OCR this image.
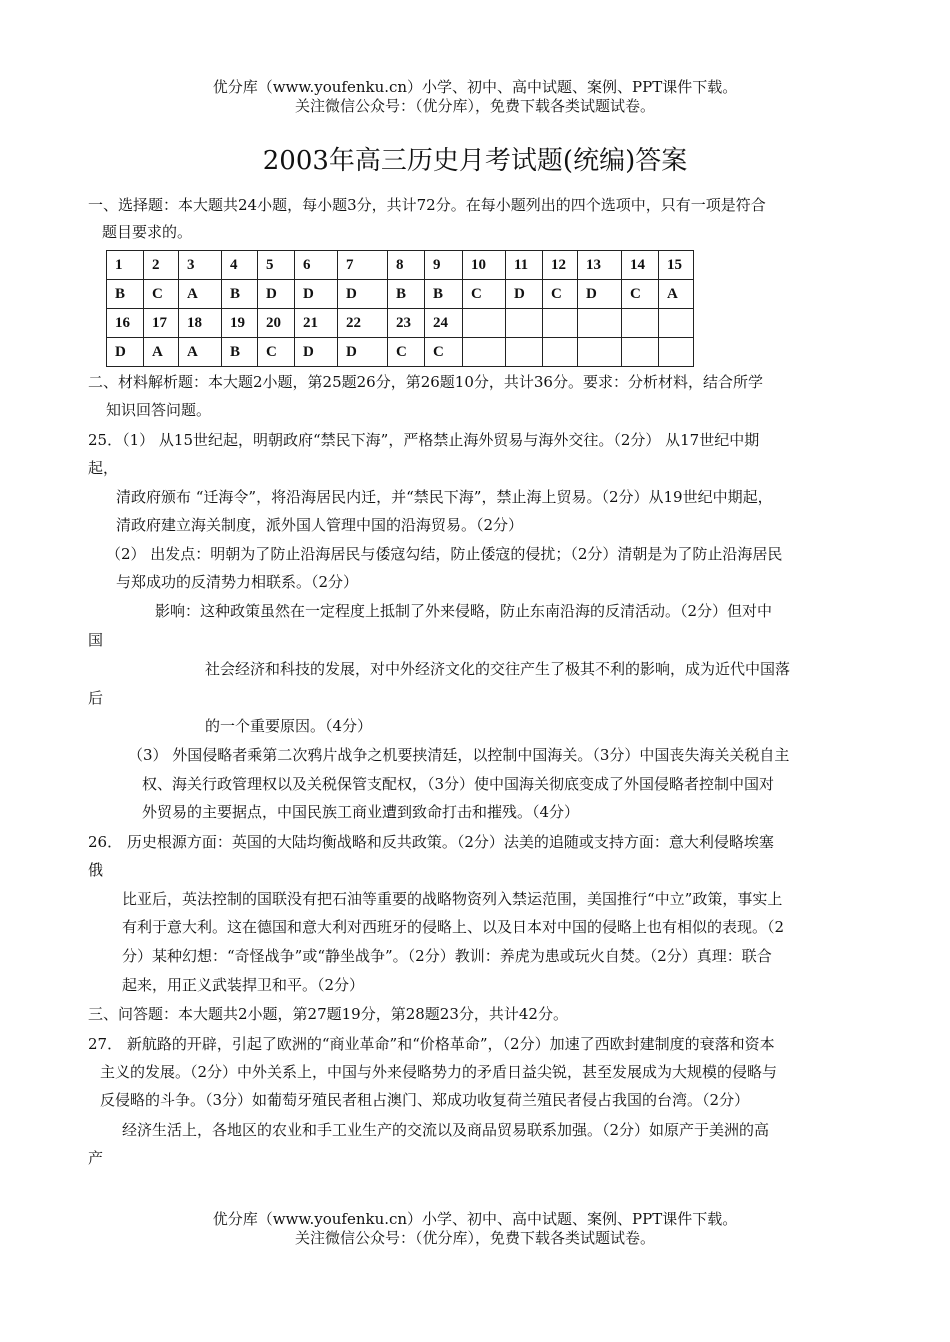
优分库（www.youfenku.cn）小学、初中、高中试题、案例、PPT课件下载。
关注微信公众号：（优分库），免费下载各类试题试卷。
2003年高三历史月考试题(统编)答案
一、选择题：本大题共24小题，每小题3分，共计72分。在每小题列出的四个选项中，只有一项是符合
题目要求的。
1	2	3	4	5	6	7	8	9	10	11	12	13	14	15
B	C	A	B	D	D	D	B	B	C	D	C	D	C	A
16	17	18	19	20	21	22	23	24						
D	A	A	B	C	D	D	C	C						
二、材料解析题：本大题2小题，第25题26分，第26题10分，共计36分。要求：分析材料，结合所学
知识回答问题。
25．（1） 从15世纪起，明朝政府“禁民下海”，严格禁止海外贸易与海外交往。（2分） 从17世纪中期
起，
清政府颁布 “迁海令”，将沿海居民内迁，并“禁民下海”，禁止海上贸易。（2分）从19世纪中期起，
清政府建立海关制度，派外国人管理中国的沿海贸易。（2分）
（2） 出发点：明朝为了防止沿海居民与倭寇勾结，防止倭寇的侵扰；（2分）清朝是为了防止沿海居民
与郑成功的反清势力相联系。（2分）
影响：这种政策虽然在一定程度上抵制了外来侵略，防止东南沿海的反清活动。（2分）但对中
国
社会经济和科技的发展，对中外经济文化的交往产生了极其不利的影响，成为近代中国落
后
的一个重要原因。（4分）
（3） 外国侵略者乘第二次鸦片战争之机要挟清廷，以控制中国海关。（3分）中国丧失海关关税自主
权、海关行政管理权以及关税保管支配权，（3分）使中国海关彻底变成了外国侵略者控制中国对
外贸易的主要据点，中国民族工商业遭到致命打击和摧残。（4分）
26． 历史根源方面：英国的大陆均衡战略和反共政策。（2分）法美的追随或支持方面：意大利侵略埃塞
俄
比亚后，英法控制的国联没有把石油等重要的战略物资列入禁运范围，美国推行“中立”政策，事实上
有利于意大利。这在德国和意大利对西班牙的侵略上、以及日本对中国的侵略上也有相似的表现。（2
分）某种幻想：“奇怪战争”或“静坐战争”。（2分）教训：养虎为患或玩火自焚。（2分）真理：联合
起来，用正义武装捍卫和平。（2分）
三、问答题：本大题共2小题，第27题19分，第28题23分，共计42分。
27． 新航路的开辟，引起了欧洲的“商业革命”和“价格革命”，（2分）加速了西欧封建制度的衰落和资本
主义的发展。（2分）中外关系上，中国与外来侵略势力的矛盾日益尖锐，甚至发展成为大规模的侵略与
反侵略的斗争。（3分）如葡萄牙殖民者租占澳门、郑成功收复荷兰殖民者侵占我国的台湾。（2分）
经济生活上，各地区的农业和手工业生产的交流以及商品贸易联系加强。（2分）如原产于美洲的高
产
优分库（www.youfenku.cn）小学、初中、高中试题、案例、PPT课件下载。
关注微信公众号：（优分库），免费下载各类试题试卷。
